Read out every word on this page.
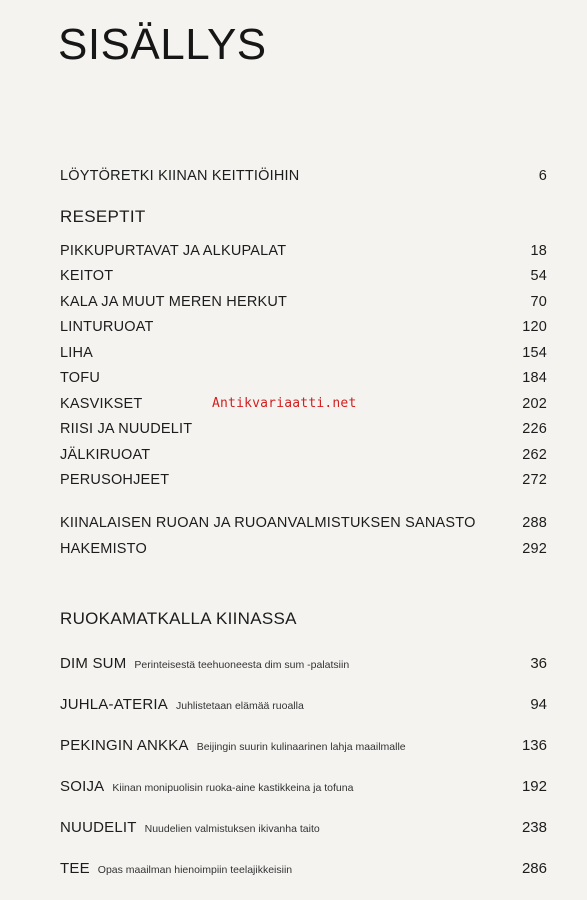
SISÄLLYS
LÖYTÖRETKI KIINAN KEITTIÖIHIN	6
RESEPTIT
PIKKUPURTAVAT JA ALKUPALAT	18
KEITOT	54
KALA JA MUUT MEREN HERKUT	70
LINTURUOAT	120
LIHA	154
TOFU	184
KASVIKSET	202
RIISI JA NUUDELIT	226
JÄLKIRUOAT	262
PERUSOHJEET	272
KIINALAISEN RUOAN JA RUOANVALMISTUKSEN SANASTO	288
HAKEMISTO	292
RUOKAMATKALLA KIINASSA
DIM SUM Perinteisestä teehuoneesta dim sum -palatsiin	36
JUHLA-ATERIA Juhlistetaan elämää ruoalla	94
PEKINGIN ANKKA Beijingin suurin kulinaarinen lahja maailmalle	136
SOIJA Kiinan monipuolisin ruoka-aine kastikkeina ja tofuna	192
NUUDELIT Nuudelien valmistuksen ikivanha taito	238
TEE Opas maailman hienoimpiin teelajikkeisiin	286
Antikvariaatti.net
